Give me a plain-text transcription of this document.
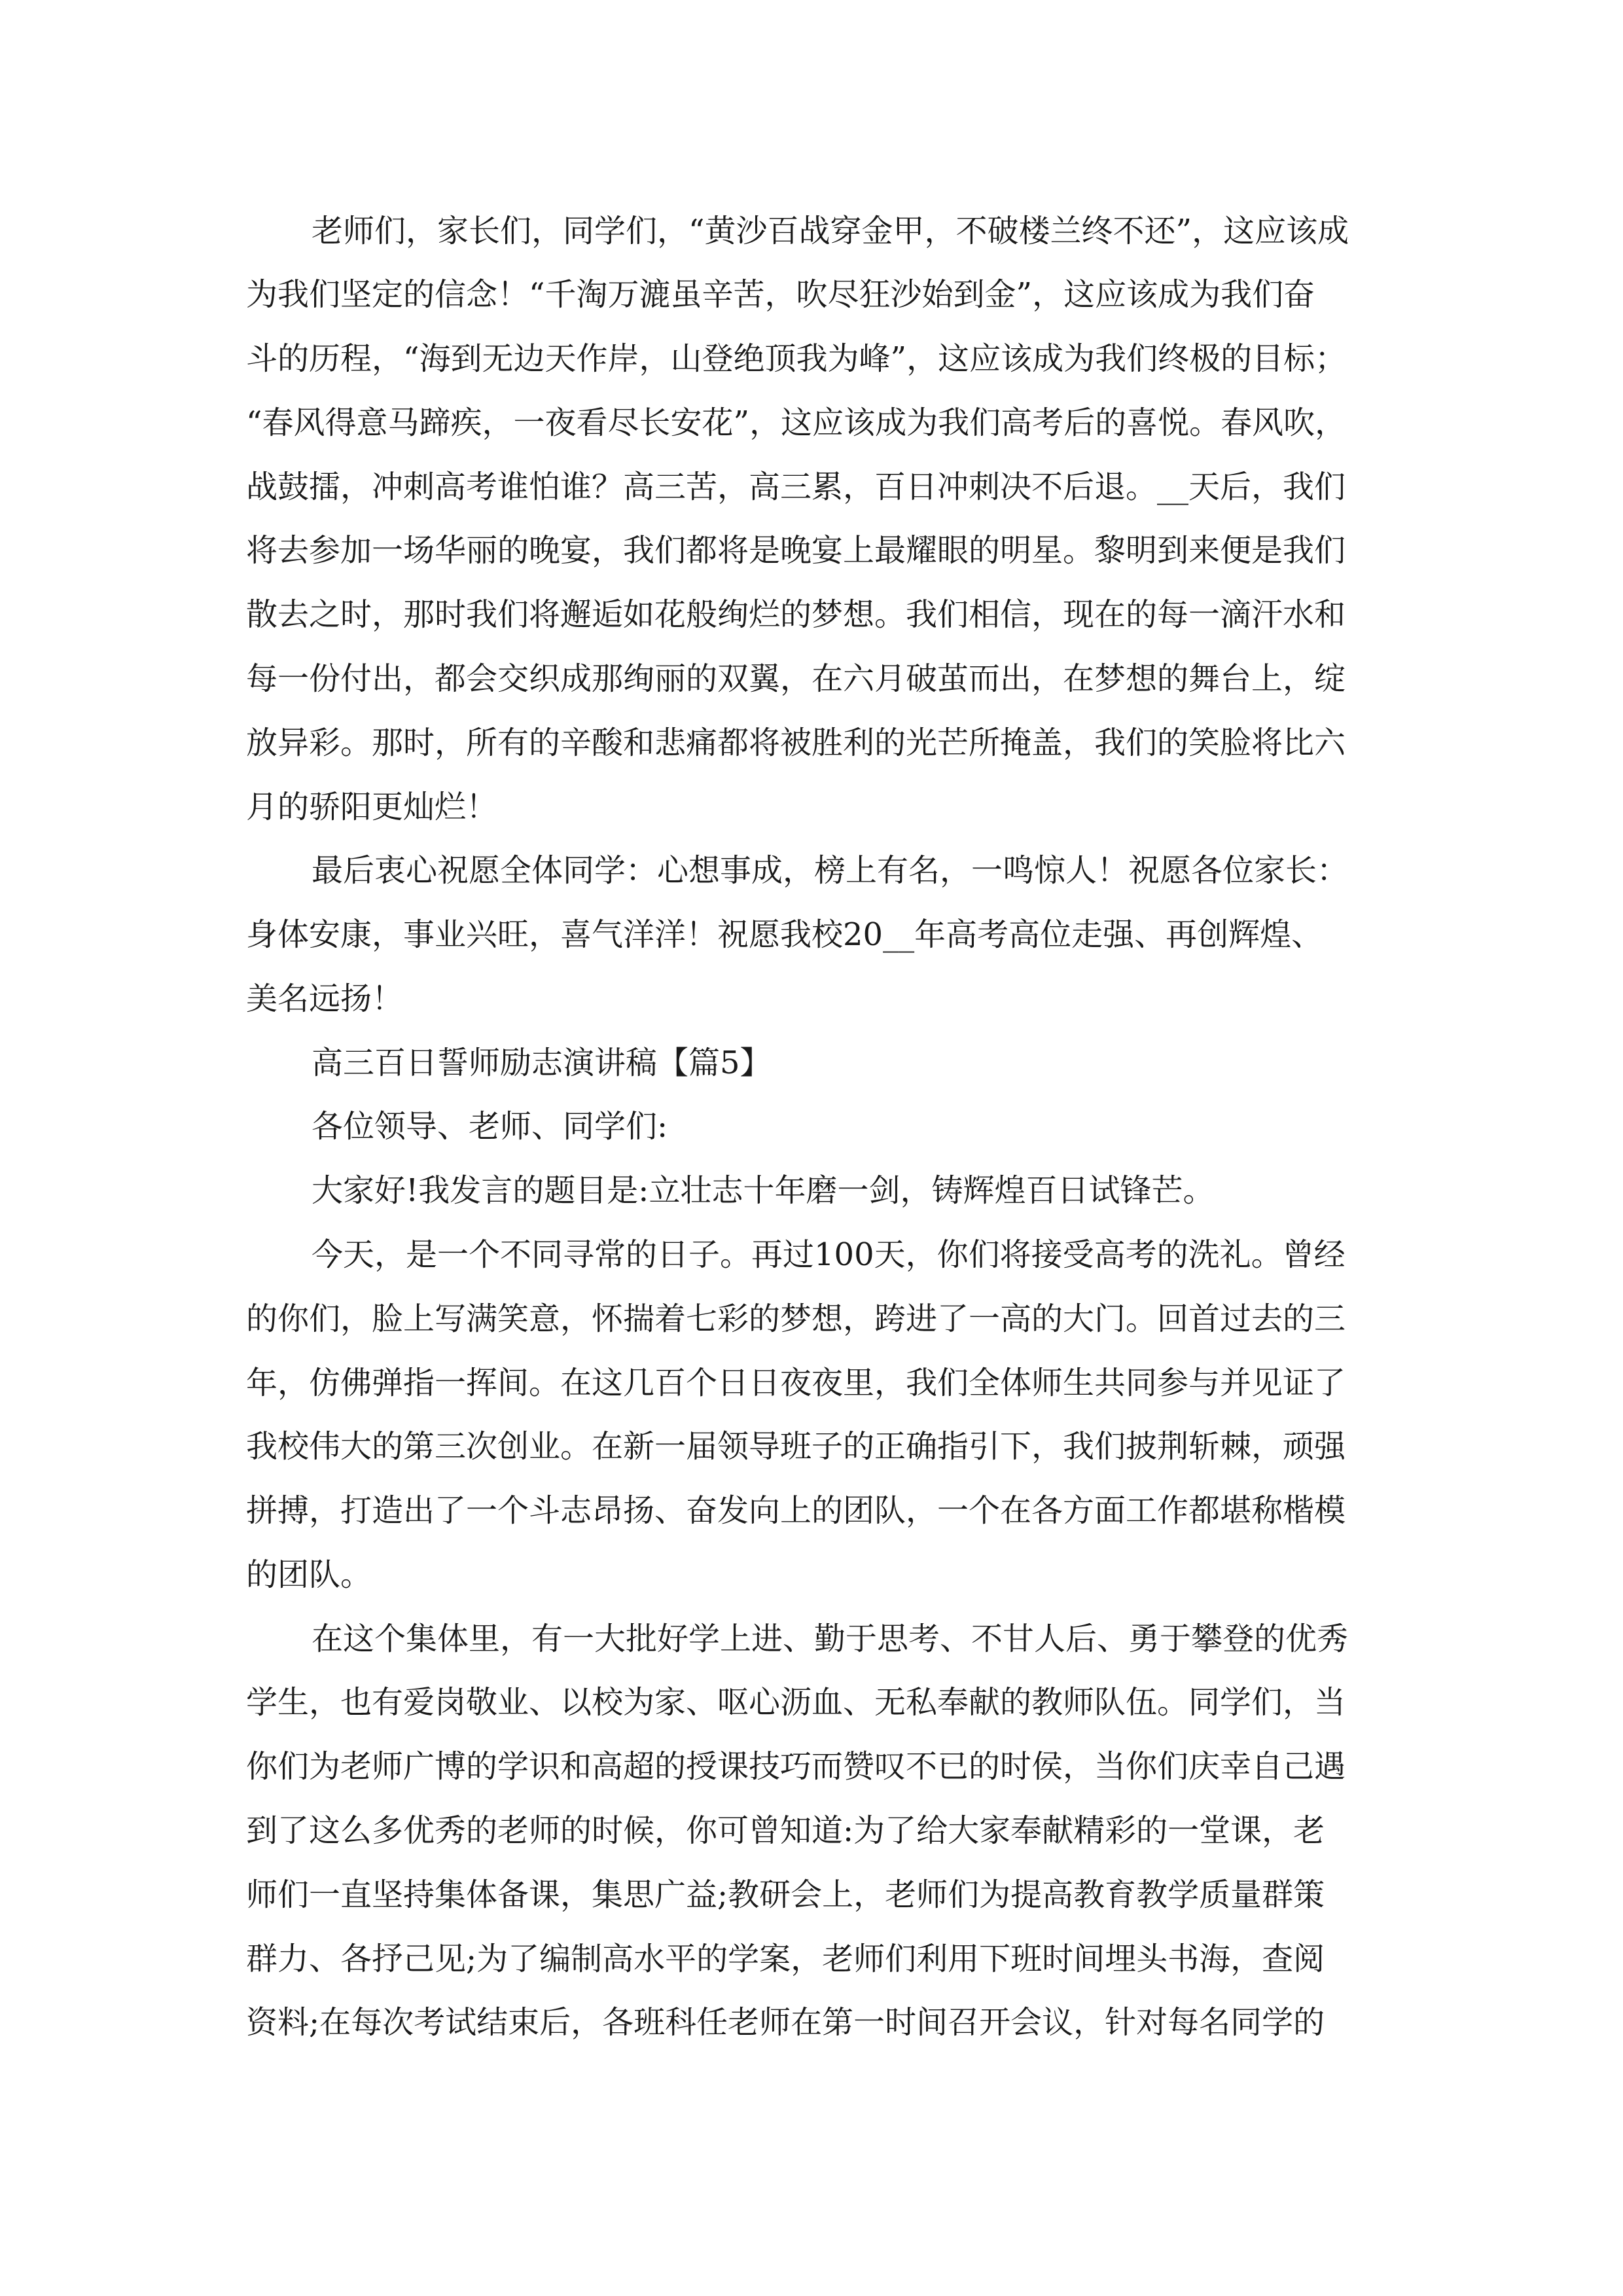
老师们，家长们，同学们，“黄沙百战穿金甲，不破楼兰终不还”，这应该成

为我们坚定的信念！“千淘万漉虽辛苦，吹尽狂沙始到金”，这应该成为我们奋

斗的历程，“海到无边天作岸，山登绝顶我为峰”，这应该成为我们终极的目标；

“春风得意马蹄疾，一夜看尽长安花”，这应该成为我们高考后的喜悦。春风吹，

战鼓擂，冲刺高考谁怕谁？高三苦，高三累，百日冲刺决不后退。__天后，我们

将去参加一场华丽的晚宴，我们都将是晚宴上最耀眼的明星。黎明到来便是我们

散去之时，那时我们将邂逅如花般绚烂的梦想。我们相信，现在的每一滴汗水和

每一份付出，都会交织成那绚丽的双翼，在六月破茧而出，在梦想的舞台上，绽

放异彩。那时，所有的辛酸和悲痛都将被胜利的光芒所掩盖，我们的笑脸将比六

月的骄阳更灿烂！

最后衷心祝愿全体同学：心想事成，榜上有名，一鸣惊人！祝愿各位家长：

身体安康，事业兴旺，喜气洋洋！祝愿我校20__年高考高位走强、再创辉煌、

美名远扬！

高三百日誓师励志演讲稿【篇5】

各位领导、老师、同学们:

大家好!我发言的题目是:立壮志十年磨一剑，铸辉煌百日试锋芒。

今天，是一个不同寻常的日子。再过100天，你们将接受高考的洗礼。曾经

的你们，脸上写满笑意，怀揣着七彩的梦想，跨进了一高的大门。回首过去的三

年，仿佛弹指一挥间。在这几百个日日夜夜里，我们全体师生共同参与并见证了

我校伟大的第三次创业。在新一届领导班子的正确指引下，我们披荆斩棘，顽强

拼搏，打造出了一个斗志昂扬、奋发向上的团队，一个在各方面工作都堪称楷模

的团队。

在这个集体里，有一大批好学上进、勤于思考、不甘人后、勇于攀登的优秀

学生，也有爱岗敬业、以校为家、呕心沥血、无私奉献的教师队伍。同学们，当

你们为老师广博的学识和高超的授课技巧而赞叹不已的时侯，当你们庆幸自己遇

到了这么多优秀的老师的时候，你可曾知道:为了给大家奉献精彩的一堂课，老

师们一直坚持集体备课，集思广益;教研会上，老师们为提高教育教学质量群策

群力、各抒己见;为了编制高水平的学案，老师们利用下班时间埋头书海，查阅

资料;在每次考试结束后，各班科任老师在第一时间召开会议，针对每名同学的
